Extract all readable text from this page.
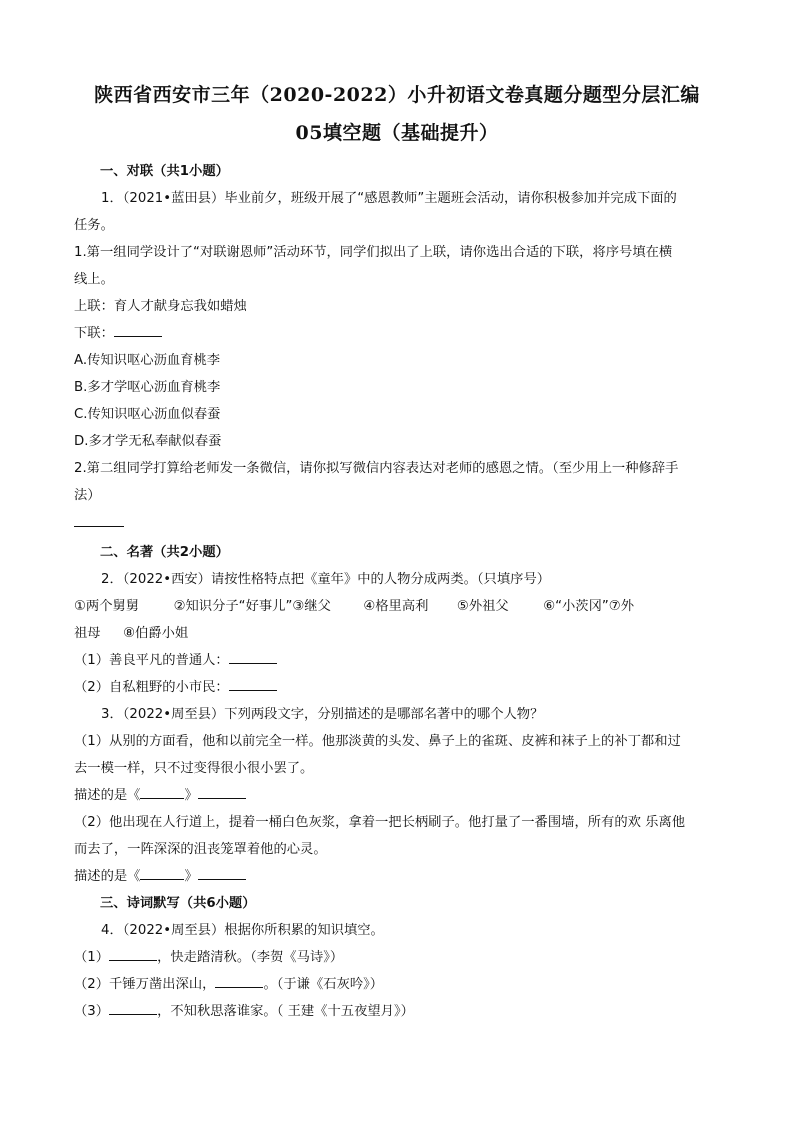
陕西省西安市三年（2020-2022）小升初语文卷真题分题型分层汇编
05填空题（基础提升）
一、对联（共1小题）
1．（2021•蓝田县）毕业前夕，班级开展了“感恩教师”主题班会活动，请你积极参加并完成下面的
任务。
1.第一组同学设计了“对联谢恩师”活动环节，同学们拟出了上联，请你选出合适的下联，将序号填在横
线上。
上联：育人才献身忘我如蜡烛
下联：
A.传知识呕心沥血育桃李
B.多才学呕心沥血育桃李
C.传知识呕心沥血似春蚕
D.多才学无私奉献似春蚕
2.第二组同学打算给老师发一条微信，请你拟写微信内容表达对老师的感恩之情。（至少用上一种修辞手
法）
二、名著（共2小题）
2．（2022•西安）请按性格特点把《童年》中的人物分成两类。（只填序号）
①两个舅舅	②知识分子“好事儿”③继父 ④格里高利 ⑤外祖父	⑥“小茨冈”⑦外
祖母 ⑧伯爵小姐
（1）善良平凡的普通人：
（2）自私粗野的小市民：
3．（2022•周至县）下列两段文字，分别描述的是哪部名著中的哪个人物？
（1）从别的方面看，他和以前完全一样。他那淡黄的头发、鼻子上的雀斑、皮裤和袜子上的补丁都和过
去一模一样，只不过变得很小很小罢了。
描述的是《	》
（2）他出现在人行道上，提着一桶白色灰浆，拿着一把长柄刷子。他打量了一番围墙，所有的欢 乐离他
而去了，一阵深深的沮丧笼罩着他的心灵。
描述的是《	》
三、诗词默写（共6小题）
4．（2022•周至县）根据你所积累的知识填空。
（1）	，快走踏清秋。（李贺《马诗》）
（2）千锤万凿出深山，	。（于谦《石灰吟》）
（3）	，不知秋思落谁家。（ 王建《十五夜望月》）
